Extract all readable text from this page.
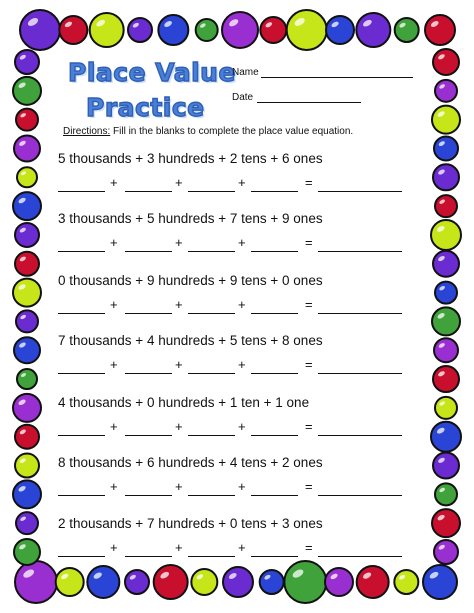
Place Value
Practice
Name
Date
Directions: Fill in the blanks to complete the place value equation.
5 thousands + 3 hundreds + 2 tens + 6 ones
+	+	+	=
3 thousands + 5 hundreds + 7 tens + 9 ones
+	+	+	=
0 thousands + 9 hundreds + 9 tens + 0 ones
+	+	+	=
7 thousands + 4 hundreds + 5 tens + 8 ones
+	+	+	=
4 thousands + 0 hundreds + 1 ten + 1 one
+	+	+	=
8 thousands + 6 hundreds + 4 tens + 2 ones
+	+	+	=
2 thousands + 7 hundreds + 0 tens + 3 ones
+	+	+	=
